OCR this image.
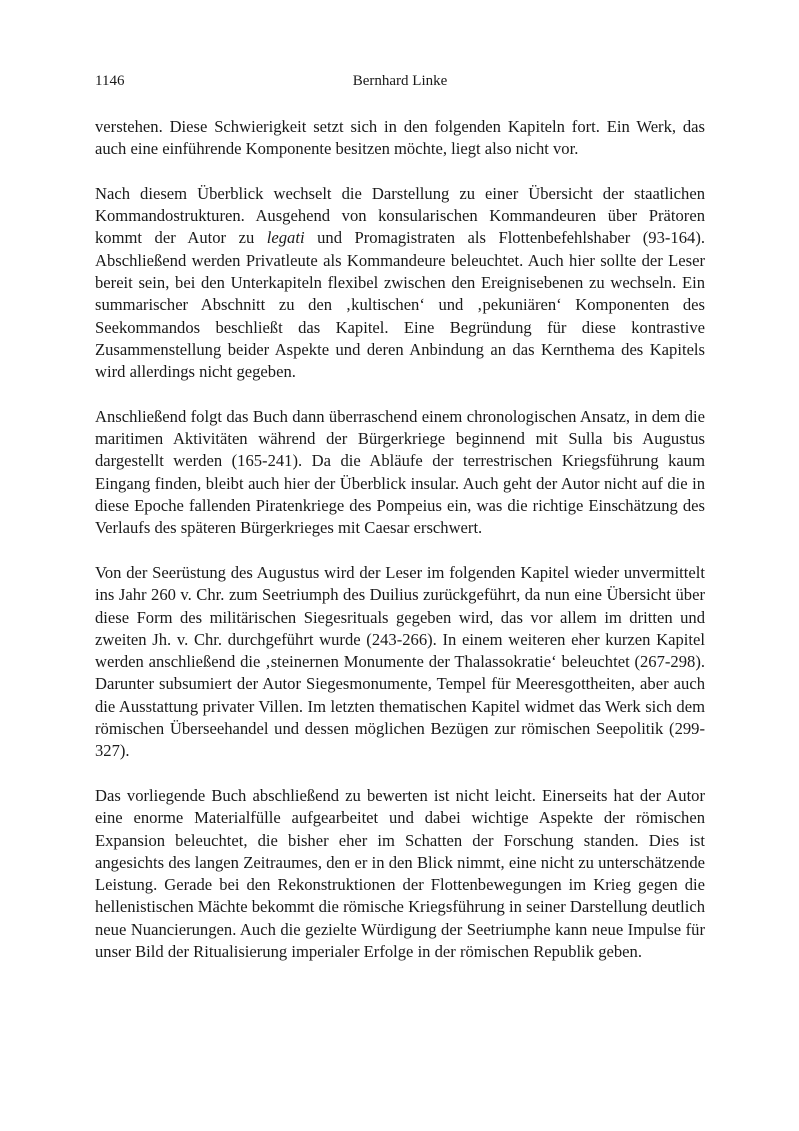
1146	Bernhard Linke

verstehen. Diese Schwierigkeit setzt sich in den folgenden Kapiteln fort. Ein Werk, das auch eine einführende Komponente besitzen möchte, liegt also nicht vor.

Nach diesem Überblick wechselt die Darstellung zu einer Übersicht der staatlichen Kommandostrukturen. Ausgehend von konsularischen Kommandeuren über Prätoren kommt der Autor zu legati und Promagistraten als Flottenbefehlshaber (93-164). Abschließend werden Privatleute als Kommandeure beleuchtet. Auch hier sollte der Leser bereit sein, bei den Unterkapiteln flexibel zwischen den Ereignisebenen zu wechseln. Ein summarischer Abschnitt zu den ‚kultischen‘ und ‚pekuniären‘ Komponenten des Seekommandos beschließt das Kapitel. Eine Begründung für diese kontrastive Zusammenstellung beider Aspekte und deren Anbindung an das Kernthema des Kapitels wird allerdings nicht gegeben.

Anschließend folgt das Buch dann überraschend einem chronologischen Ansatz, in dem die maritimen Aktivitäten während der Bürgerkriege beginnend mit Sulla bis Augustus dargestellt werden (165-241). Da die Abläufe der terrestrischen Kriegsführung kaum Eingang finden, bleibt auch hier der Überblick insular. Auch geht der Autor nicht auf die in diese Epoche fallenden Piratenkriege des Pompeius ein, was die richtige Einschätzung des Verlaufs des späteren Bürgerkrieges mit Caesar erschwert.

Von der Seerüstung des Augustus wird der Leser im folgenden Kapitel wieder unvermittelt ins Jahr 260 v. Chr. zum Seetriumph des Duilius zurückgeführt, da nun eine Übersicht über diese Form des militärischen Siegesrituals gegeben wird, das vor allem im dritten und zweiten Jh. v. Chr. durchgeführt wurde (243-266). In einem weiteren eher kurzen Kapitel werden anschließend die ‚steinernen Monumente der Thalassokratie‘ beleuchtet (267-298). Darunter subsumiert der Autor Siegesmonumente, Tempel für Meeresgottheiten, aber auch die Ausstattung privater Villen. Im letzten thematischen Kapitel widmet das Werk sich dem römischen Überseehandel und dessen möglichen Bezügen zur römischen Seepolitik (299-327).

Das vorliegende Buch abschließend zu bewerten ist nicht leicht. Einerseits hat der Autor eine enorme Materialfülle aufgearbeitet und dabei wichtige Aspekte der römischen Expansion beleuchtet, die bisher eher im Schatten der Forschung standen. Dies ist angesichts des langen Zeitraumes, den er in den Blick nimmt, eine nicht zu unterschätzende Leistung. Gerade bei den Rekonstruktionen der Flottenbewegungen im Krieg gegen die hellenistischen Mächte bekommt die römische Kriegsführung in seiner Darstellung deutlich neue Nuancierungen. Auch die gezielte Würdigung der Seetriumphe kann neue Impulse für unser Bild der Ritualisierung imperialer Erfolge in der römischen Republik geben.
